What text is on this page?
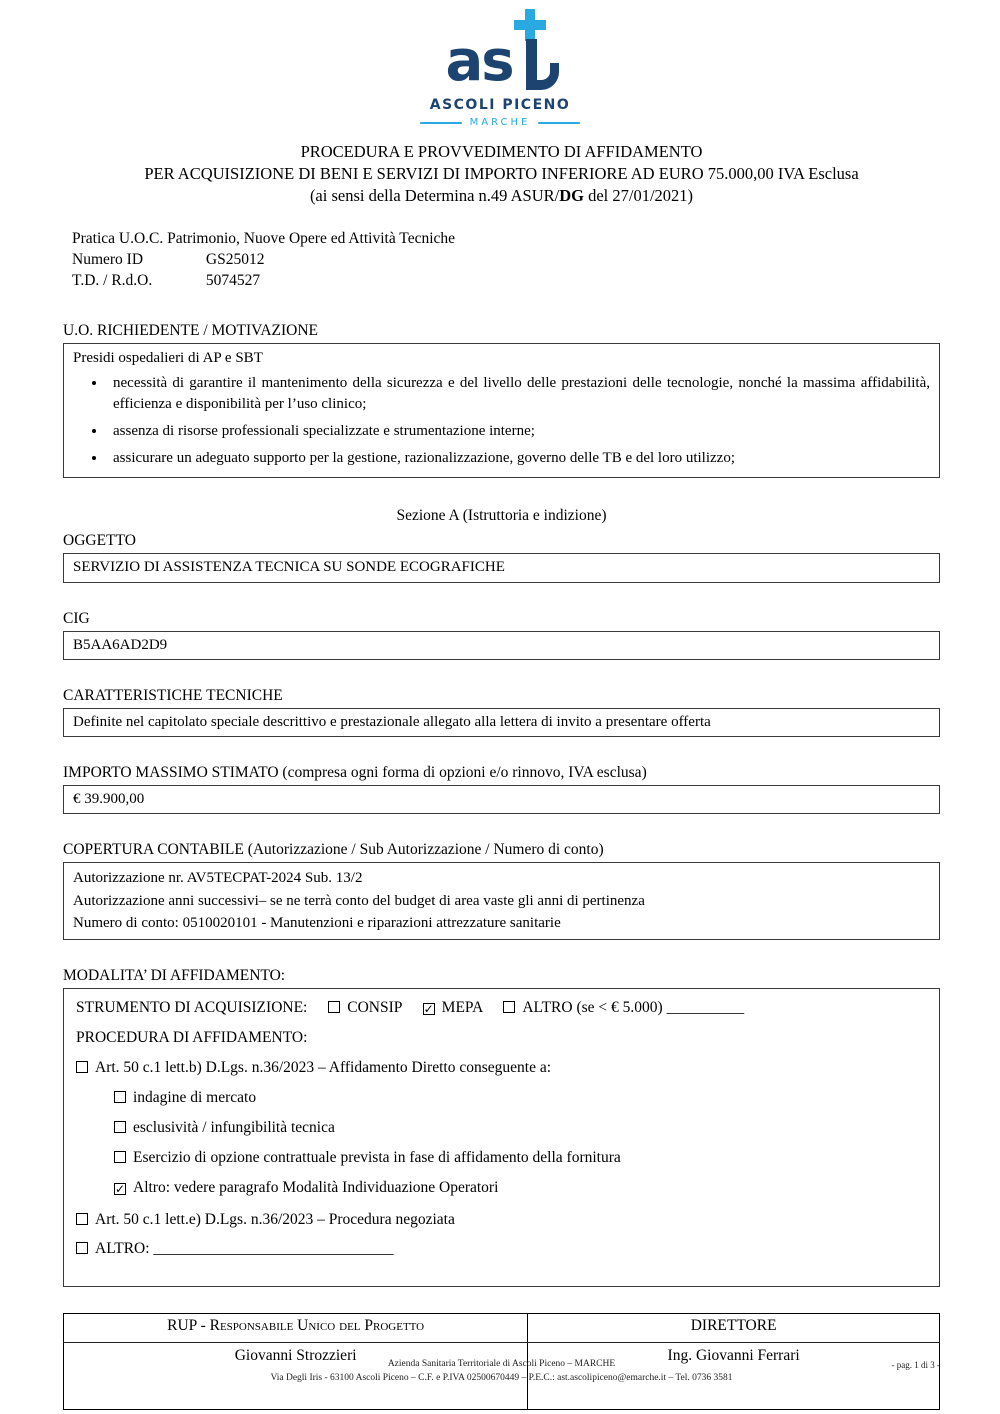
as
ASCOLI PICENO
MARCHE
PROCEDURA E PROVVEDIMENTO DI AFFIDAMENTO
PER ACQUISIZIONE DI BENI E SERVIZI DI IMPORTO INFERIORE AD EURO 75.000,00 IVA Esclusa
(ai sensi della Determina n.49 ASUR/DG del 27/01/2021)
Pratica U.O.C. Patrimonio, Nuove Opere ed Attività Tecniche
Numero ID	GS25012
T.D. / R.d.O.	5074527
U.O. RICHIEDENTE / MOTIVAZIONE
Presidi ospedalieri di AP e SBT
• necessità di garantire il mantenimento della sicurezza e del livello delle prestazioni delle tecnologie, nonché la massima affidabilità, efficienza e disponibilità per l’uso clinico;
• assenza di risorse professionali specializzate e strumentazione interne;
• assicurare un adeguato supporto per la gestione, razionalizzazione, governo delle TB e del loro utilizzo;
Sezione A (Istruttoria e indizione)
OGGETTO
SERVIZIO DI ASSISTENZA TECNICA SU SONDE ECOGRAFICHE
CIG
B5AA6AD2D9
CARATTERISTICHE TECNICHE
Definite nel capitolato speciale descrittivo e prestazionale allegato alla lettera di invito a presentare offerta
IMPORTO MASSIMO STIMATO (compresa ogni forma di opzioni e/o rinnovo, IVA esclusa)
€ 39.900,00
COPERTURA CONTABILE (Autorizzazione / Sub Autorizzazione / Numero di conto)
Autorizzazione nr. AV5TECPAT-2024 Sub. 13/2
Autorizzazione anni successivi– se ne terrà conto del budget di area vaste gli anni di pertinenza
Numero di conto: 0510020101 - Manutenzioni e riparazioni attrezzature sanitarie
MODALITA’ DI AFFIDAMENTO:
STRUMENTO DI ACQUISIZIONE:	CONSIP ✓ MEPA	ALTRO (se < € 5.000) __________
PROCEDURA DI AFFIDAMENTO:
Art. 50 c.1 lett.b) D.Lgs. n.36/2023 – Affidamento Diretto conseguente a:
indagine di mercato
esclusività / infungibilità tecnica
Esercizio di opzione contrattuale prevista in fase di affidamento della fornitura
✓ Altro: vedere paragrafo Modalità Individuazione Operatori
Art. 50 c.1 lett.e) D.Lgs. n.36/2023 – Procedura negoziata
ALTRO: _______________________________
RUP - Responsabile Unico del Progetto	DIRETTORE
Giovanni Strozzieri	Ing. Giovanni Ferrari
Azienda Sanitaria Territoriale di Ascoli Piceno – MARCHE
Via Degli Iris - 63100 Ascoli Piceno – C.F. e P.IVA 02500670449 – P.E.C.: ast.ascolipiceno@emarche.it – Tel. 0736 3581
- pag. 1 di 3 -
